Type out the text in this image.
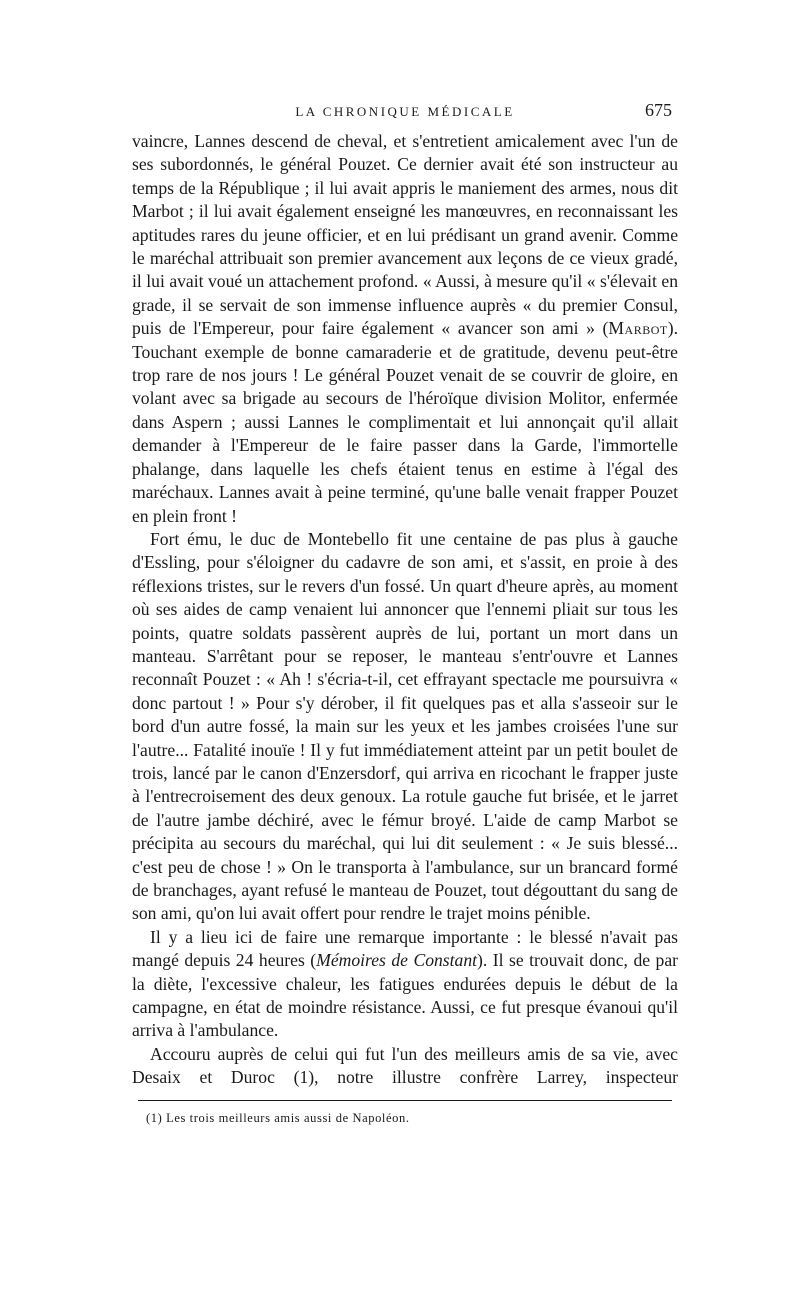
LA CHRONIQUE MÉDICALE	675

vaincre, Lannes descend de cheval, et s'entretient amicalement avec l'un de ses subordonnés, le général Pouzet. Ce dernier avait été son instructeur au temps de la République ; il lui avait appris le maniement des armes, nous dit Marbot ; il lui avait également enseigné les manœuvres, en reconnaissant les aptitudes rares du jeune officier, et en lui prédisant un grand avenir. Comme le maréchal attribuait son premier avancement aux leçons de ce vieux gradé, il lui avait voué un attachement profond. « Aussi, à mesure qu'il « s'élevait en grade, il se servait de son immense influence auprès « du premier Consul, puis de l'Empereur, pour faire également « avancer son ami » (Marbot). Touchant exemple de bonne camaraderie et de gratitude, devenu peut-être trop rare de nos jours ! Le général Pouzet venait de se couvrir de gloire, en volant avec sa brigade au secours de l'héroïque division Molitor, enfermée dans Aspern ; aussi Lannes le complimentait et lui annonçait qu'il allait demander à l'Empereur de le faire passer dans la Garde, l'immortelle phalange, dans laquelle les chefs étaient tenus en estime à l'égal des maréchaux. Lannes avait à peine terminé, qu'une balle venait frapper Pouzet en plein front !

Fort ému, le duc de Montebello fit une centaine de pas plus à gauche d'Essling, pour s'éloigner du cadavre de son ami, et s'assit, en proie à des réflexions tristes, sur le revers d'un fossé. Un quart d'heure après, au moment où ses aides de camp venaient lui annoncer que l'ennemi pliait sur tous les points, quatre soldats passèrent auprès de lui, portant un mort dans un manteau. S'arrêtant pour se reposer, le manteau s'entr'ouvre et Lannes reconnaît Pouzet : « Ah ! s'écria-t-il, cet effrayant spectacle me poursuivra « donc partout ! » Pour s'y dérober, il fit quelques pas et alla s'asseoir sur le bord d'un autre fossé, la main sur les yeux et les jambes croisées l'une sur l'autre... Fatalité inouïe ! Il y fut immédiatement atteint par un petit boulet de trois, lancé par le canon d'Enzersdorf, qui arriva en ricochant le frapper juste à l'entrecroisement des deux genoux. La rotule gauche fut brisée, et le jarret de l'autre jambe déchiré, avec le fémur broyé. L'aide de camp Marbot se précipita au secours du maréchal, qui lui dit seulement : « Je suis blessé... c'est peu de chose ! » On le transporta à l'ambulance, sur un brancard formé de branchages, ayant refusé le manteau de Pouzet, tout dégouttant du sang de son ami, qu'on lui avait offert pour rendre le trajet moins pénible.

Il y a lieu ici de faire une remarque importante : le blessé n'avait pas mangé depuis 24 heures (Mémoires de Constant). Il se trouvait donc, de par la diète, l'excessive chaleur, les fatigues endurées depuis le début de la campagne, en état de moindre résistance. Aussi, ce fut presque évanoui qu'il arriva à l'ambulance.

Accouru auprès de celui qui fut l'un des meilleurs amis de sa vie, avec Desaix et Duroc (1), notre illustre confrère Larrey, inspecteur

(1) Les trois meilleurs amis aussi de Napoléon.
